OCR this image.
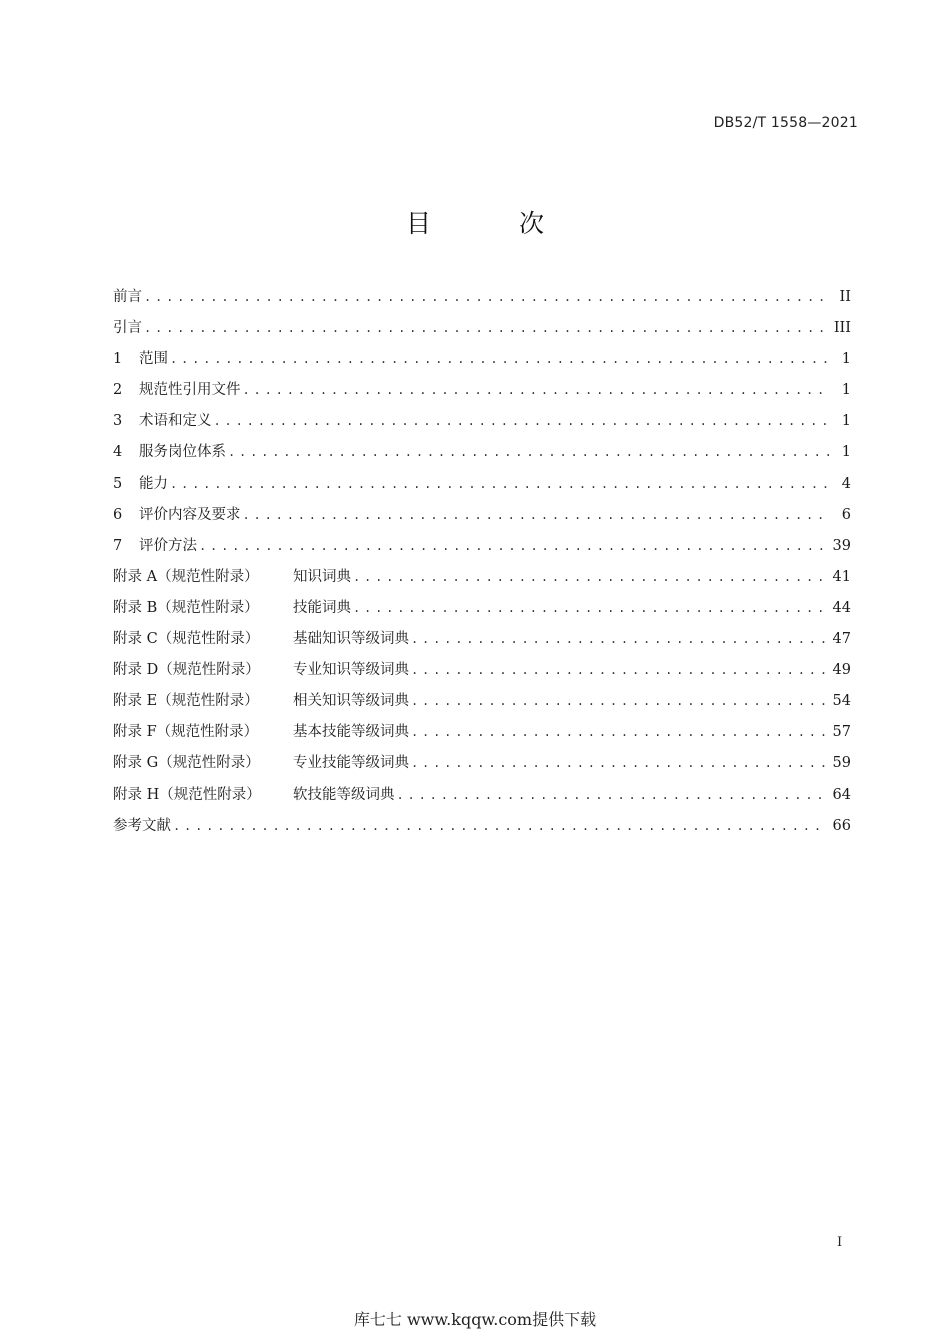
DB52/T 1558—2021
目 次
前言 . . .	II
引言 . . .	III
1 范围 . . .	1
2 规范性引用文件 . . .	1
3 术语和定义 . . .	1
4 服务岗位体系 . . .	1
5 能力 . . .	4
6 评价内容及要求 . . .	6
7 评价方法 . . .	39
附录 A（规范性附录） 知识词典 . . .	41
附录 B（规范性附录） 技能词典 . . .	44
附录 C（规范性附录） 基础知识等级词典 . . .	47
附录 D（规范性附录） 专业知识等级词典 . . .	49
附录 E（规范性附录） 相关知识等级词典 . . .	54
附录 F（规范性附录） 基本技能等级词典 . . .	57
附录 G（规范性附录） 专业技能等级词典 . . .	59
附录 H（规范性附录） 软技能等级词典 . . .	64
参考文献 . . .	66
I
库七七 www.kqqw.com提供下载
